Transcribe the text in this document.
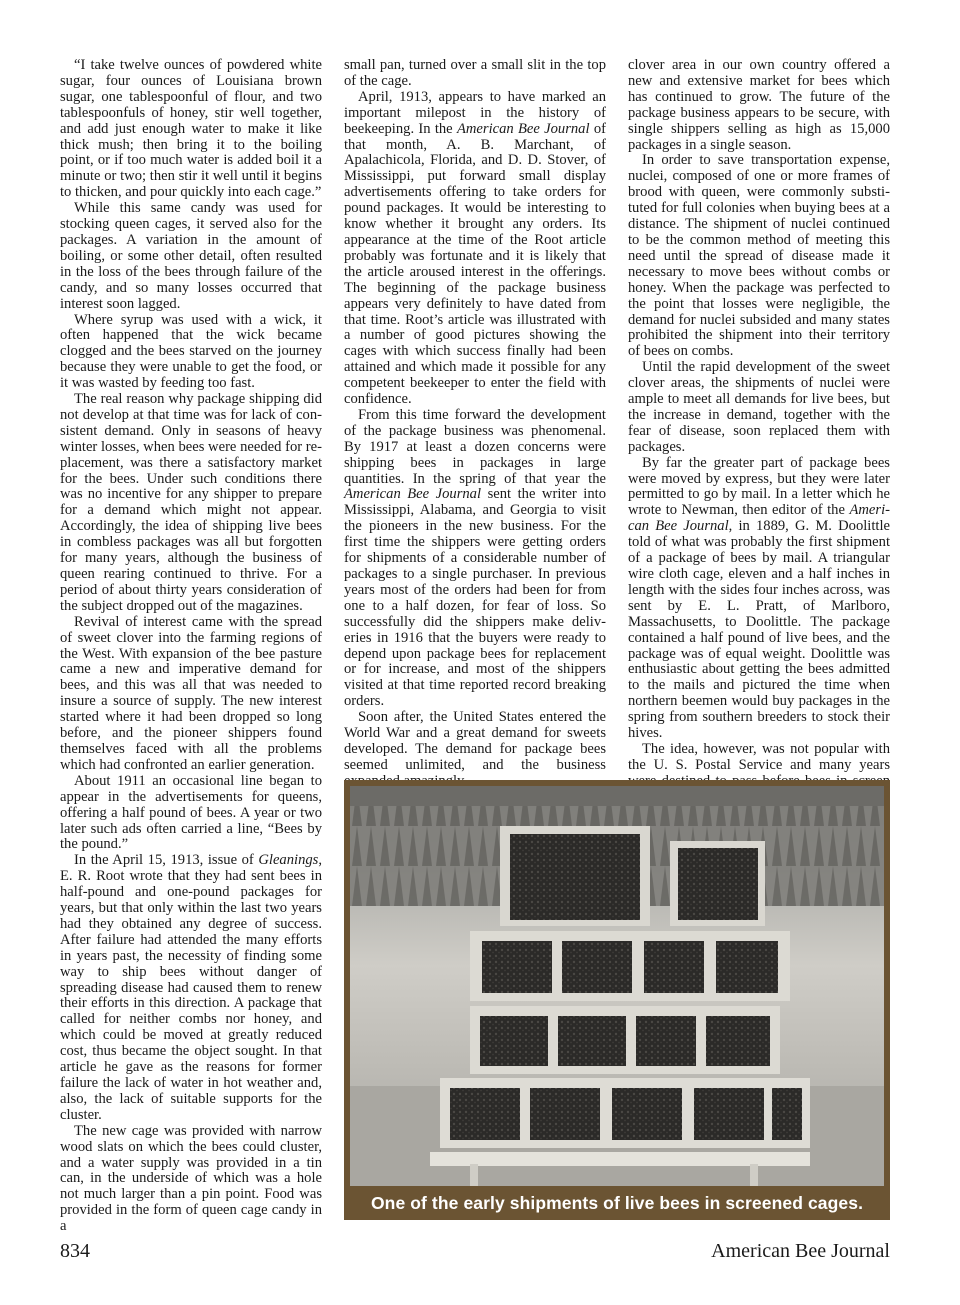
“I take twelve ounces of powdered white sugar, four ounces of Louisiana brown sugar, one tablespoonful of flour, and two tablespoonfuls of honey, stir well together, and add just enough water to make it like thick mush; then bring it to the boiling point, or if too much water is added boil it a minute or two; then stir it well until it begins to thicken, and pour quickly into each cage.”

While this same candy was used for stocking queen cages, it served also for the packages. A variation in the amount of boiling, or some other detail, often resulted in the loss of the bees through failure of the candy, and so many losses occurred that interest soon lagged.

Where syrup was used with a wick, it often happened that the wick became clogged and the bees starved on the journey because they were unable to get the food, or it was wasted by feeding too fast.

The real reason why package shipping did not develop at that time was for lack of consistent demand. Only in seasons of heavy winter losses, when bees were needed for replacement, was there a satisfactory market for the bees. Under such conditions there was no incentive for any shipper to prepare for a demand which might not appear. Accordingly, the idea of shipping live bees in combless packages was all but forgotten for many years, although the business of queen rearing continued to thrive. For a period of about thirty years consideration of the subject dropped out of the magazines.

Revival of interest came with the spread of sweet clover into the farming regions of the West. With expansion of the bee pasture came a new and imperative demand for bees, and this was all that was needed to insure a source of supply. The new interest started where it had been dropped so long before, and the pioneer shippers found themselves faced with all the problems which had confronted an earlier generation.

About 1911 an occasional line began to appear in the advertisements for queens, offering a half pound of bees. A year or two later such ads often carried a line, “Bees by the pound.”

In the April 15, 1913, issue of Gleanings, E. R. Root wrote that they had sent bees in half-pound and one-pound packages for years, but that only within the last two years had they obtained any degree of success. After failure had attended the many efforts in years past, the necessity of finding some way to ship bees without danger of spreading disease had caused them to renew their efforts in this direction. A package that called for neither combs nor honey, and which could be moved at greatly reduced cost, thus became the object sought. In that article he gave as the reasons for former failure the lack of water in hot weather and, also, the lack of suitable supports for the cluster.

The new cage was provided with narrow wood slats on which the bees could cluster, and a water supply was provided in a tin can, in the underside of which was a hole not much larger than a pin point. Food was provided in the form of queen cage candy in a

small pan, turned over a small slit in the top of the cage.

April, 1913, appears to have marked an important milepost in the history of beekeeping. In the American Bee Journal of that month, A. B. Marchant, of Apalachicola, Florida, and D. D. Stover, of Mississippi, put forward small display advertisements offering to take orders for pound packages. It would be interesting to know whether it brought any orders. Its appearance at the time of the Root article probably was fortunate and it is likely that the article aroused interest in the offerings. The beginning of the package business appears very definitely to have dated from that time. Root’s article was illustrated with a number of good pictures showing the cages with which success finally had been attained and which made it possible for any competent beekeeper to enter the field with confidence.

From this time forward the development of the package business was phenomenal. By 1917 at least a dozen concerns were shipping bees in packages in large quantities. In the spring of that year the American Bee Journal sent the writer into Mississippi, Alabama, and Georgia to visit the pioneers in the new business. For the first time the shippers were getting orders for shipments of a considerable number of packages to a single purchaser. In previous years most of the orders had been for from one to a half dozen, for fear of loss. So successfully did the shippers make deliveries in 1916 that the buyers were ready to depend upon package bees for replacement or for increase, and most of the shippers visited at that time reported record breaking orders.

Soon after, the United States entered the World War and a great demand for sweets developed. The demand for package bees seemed unlimited, and the business

clover area in our own country offered a new and extensive market for bees which has continued to grow. The future of the package business appears to be secure, with single shippers selling as high as 15,000 packages in a single season.

In order to save transportation expense, nuclei, composed of one or more frames of brood with queen, were commonly substituted for full colonies when buying bees at a distance. The shipment of nuclei continued to be the common method of meeting this need until the spread of disease made it necessary to move bees without combs or honey. When the package was perfected to the point that losses were negligible, the demand for nuclei subsided and many states prohibited the shipment into their territory of bees on combs.

Until the rapid development of the sweet clover areas, the shipments of nuclei were ample to meet all demands for live bees, but the increase in demand, together with the fear of disease, soon replaced them with packages.

By far the greater part of package bees were moved by express, but they were later permitted to go by mail. In a letter which he wrote to Newman, then editor of the American Bee Journal, in 1889, G. M. Doolittle told of what was probably the first shipment of a package of bees by mail. A triangular wire cloth cage, eleven and a half inches in length with the sides four inches across, was sent by E. L. Pratt, of Marlboro, Massachusetts, to Doolittle. The package contained a half pound of live bees, and the package was of equal weight. Doolittle was enthusiastic about getting the bees admitted to the mails and pictured the time when northern beemen would buy packages in the spring from southern breeders to stock their hives.

The idea, however, was not popular with the U. S. Postal Service and many years

One of the early shipments of live bees in screened cages.
834	American Bee Journal
